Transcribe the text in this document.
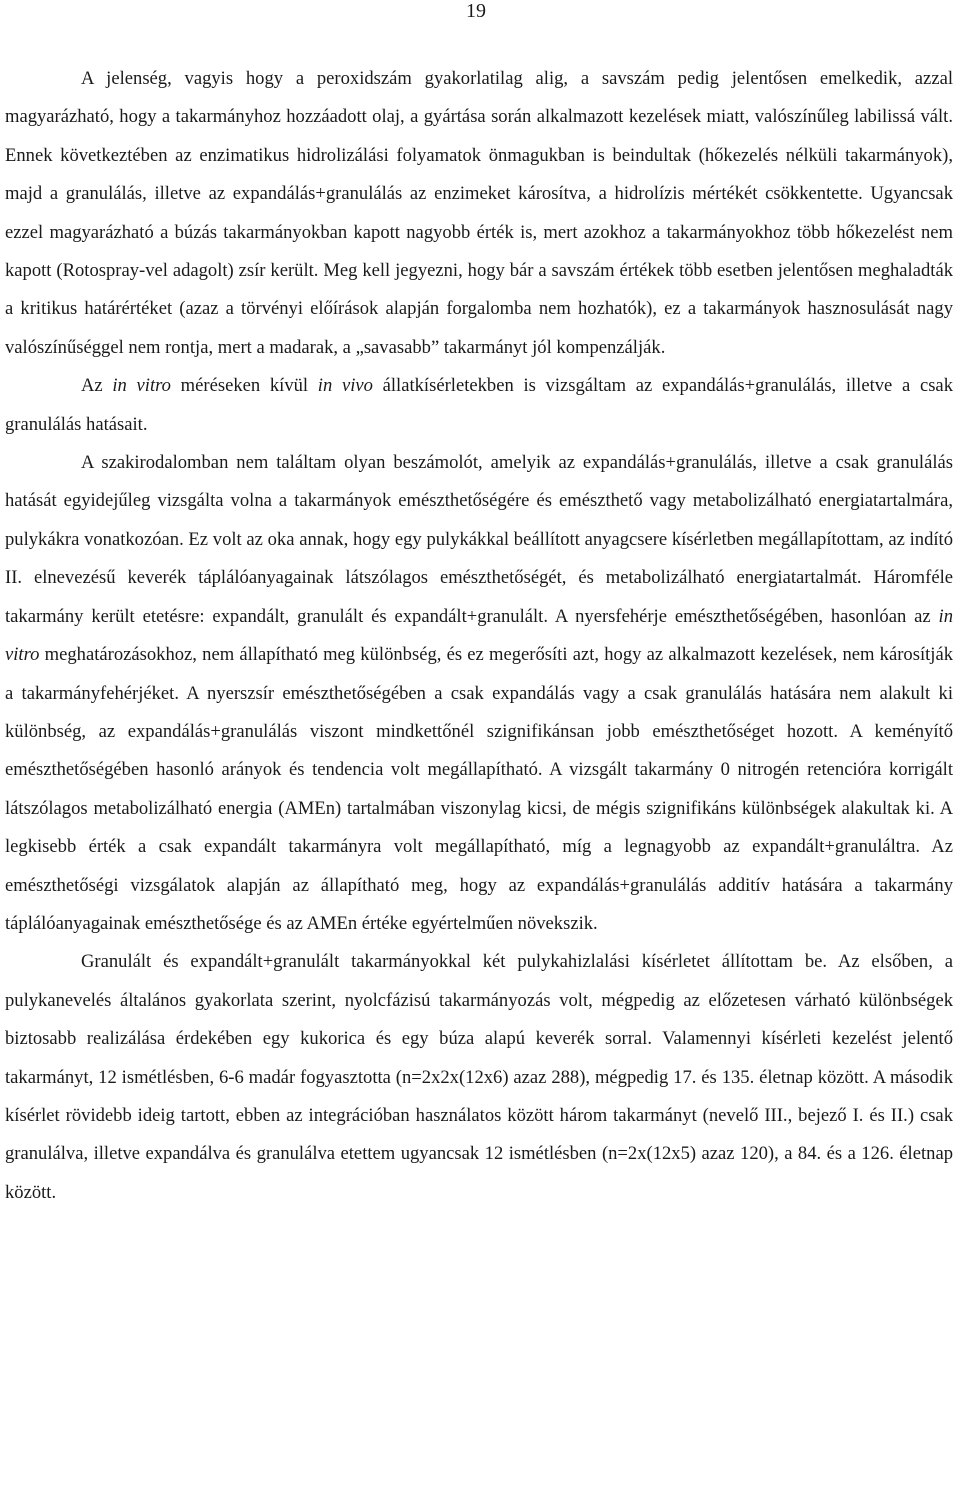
19

A jelenség, vagyis hogy a peroxidszám gyakorlatilag alig, a savszám pedig jelentősen emelkedik, azzal magyarázható, hogy a takarmányhoz hozzáadott olaj, a gyártása során alkalmazott kezelések miatt, valószínűleg labilissá vált. Ennek következtében az enzimatikus hidrolizálási folyamatok önmagukban is beindultak (hőkezelés nélküli takarmányok), majd a granulálás, illetve az expandálás+granulálás az enzimeket károsítva, a hidrolízis mértékét csökkentette. Ugyancsak ezzel magyarázható a búzás takarmányokban kapott nagyobb érték is, mert azokhoz a takarmányokhoz több hőkezelést nem kapott (Rotospray-vel adagolt) zsír került. Meg kell jegyezni, hogy bár a savszám értékek több esetben jelentősen meghaladták a kritikus határértéket (azaz a törvényi előírások alapján forgalomba nem hozhatók), ez a takarmányok hasznosulását nagy valószínűséggel nem rontja, mert a madarak, a „savasabb” takarmányt jól kompenzálják.

Az in vitro méréseken kívül in vivo állatkísérletekben is vizsgáltam az expandálás+granulálás, illetve a csak granulálás hatásait.

A szakirodalomban nem találtam olyan beszámolót, amelyik az expandálás+granulálás, illetve a csak granulálás hatását egyidejűleg vizsgálta volna a takarmányok emészthetőségére és emészthető vagy metabolizálható energiatartalmára, pulykákra vonatkozóan. Ez volt az oka annak, hogy egy pulykákkal beállított anyagcsere kísérletben megállapítottam, az indító II. elnevezésű keverék táplálóanyagainak látszólagos emészthetőségét, és metabolizálható energiatartalmát. Háromféle takarmány került etetésre: expandált, granulált és expandált+granulált. A nyersfehérje emészthetőségében, hasonlóan az in vitro meghatározásokhoz, nem állapítható meg különbség, és ez megerősíti azt, hogy az alkalmazott kezelések, nem károsítják a takarmányfehérjéket. A nyerszsír emészthetőségében a csak expandálás vagy a csak granulálás hatására nem alakult ki különbség, az expandálás+granulálás viszont mindkettőnél szignifikánsan jobb emészthetőséget hozott. A keményítő emészthetőségében hasonló arányok és tendencia volt megállapítható. A vizsgált takarmány 0 nitrogén retencióra korrigált látszólagos metabolizálható energia (AMEn) tartalmában viszonylag kicsi, de mégis szignifikáns különbségek alakultak ki. A legkisebb érték a csak expandált takarmányra volt megállapítható, míg a legnagyobb az expandált+granuláltra. Az emészthetőségi vizsgálatok alapján az állapítható meg, hogy az expandálás+granulálás additív hatására a takarmány táplálóanyagainak emészthetősége és az AMEn értéke egyértelműen növekszik.

Granulált és expandált+granulált takarmányokkal két pulykahizlalási kísérletet állítottam be. Az elsőben, a pulykanevelés általános gyakorlata szerint, nyolcfázisú takarmányozás volt, mégpedig az előzetesen várható különbségek biztosabb realizálása érdekében egy kukorica és egy búza alapú keverék sorral. Valamennyi kísérleti kezelést jelentő takarmányt, 12 ismétlésben, 6-6 madár fogyasztotta (n=2x2x(12x6) azaz 288), mégpedig 17. és 135. életnap között. A második kísérlet rövidebb ideig tartott, ebben az integrációban használatos között három takarmányt (nevelő III., bejező I. és II.) csak granulálva, illetve expandálva és granulálva etettem ugyancsak 12 ismétlésben (n=2x(12x5) azaz 120), a 84. és a 126. életnap között.
